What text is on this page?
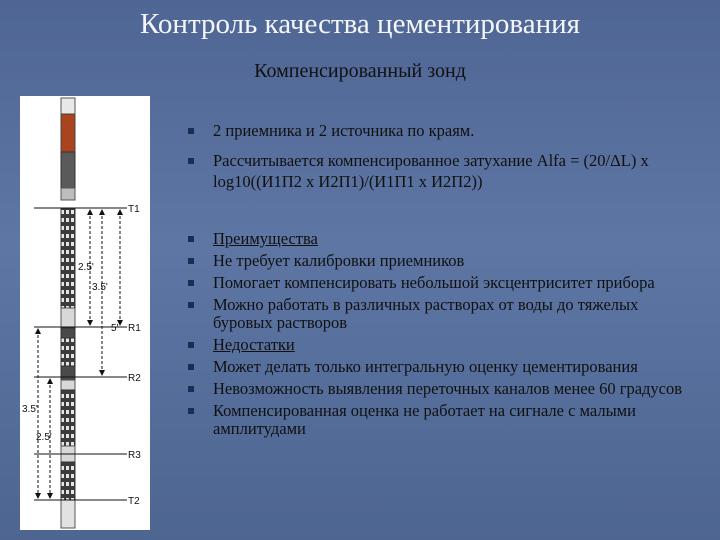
Контроль качества цементирования
Компенсированный зонд
2.5'
3.5'
5'
3.5'
2.5'
T1
R1
R2
R3
T2
2 приемника и 2 источника по краям.
Рассчитывается компенсированное затухание Alfa = (20/ΔL) x log10((И1П2 х И2П1)/(И1П1 х И2П2))
Преимущества
Не требует калибровки приемников
Помогает компенсировать небольшой эксцентриситет прибора
Можно работать в различных растворах от воды до тяжелых буровых растворов
Недостатки
Может делать только интегральную оценку цементирования
Невозможность выявления переточных каналов менее 60 градусов
Компенсированная оценка не работает на сигнале с малыми амплитудами
